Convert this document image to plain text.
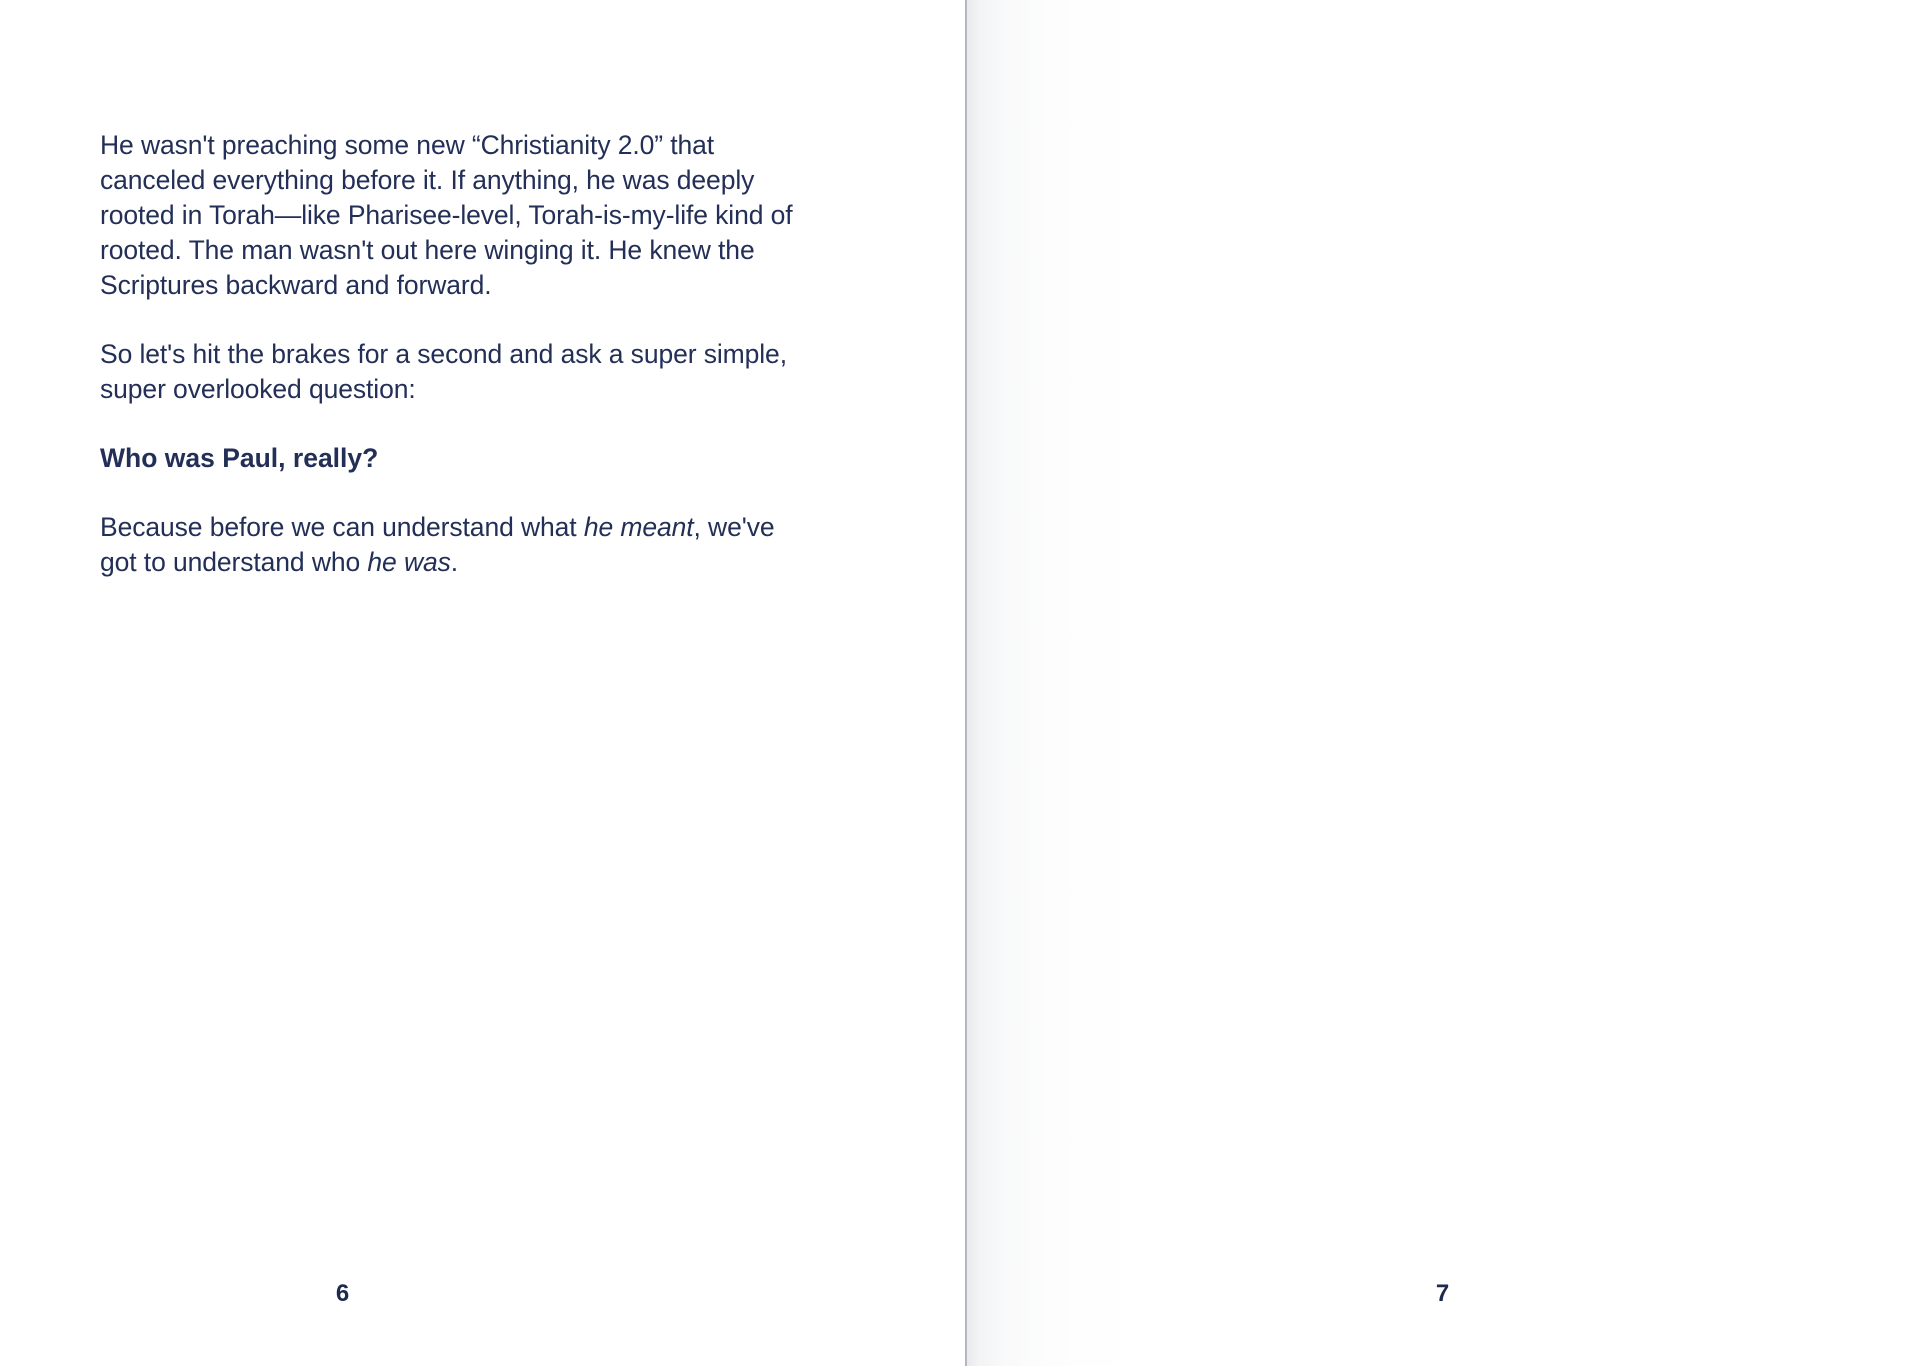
He wasn't preaching some new “Christianity 2.0” that canceled everything before it. If anything, he was deeply rooted in Torah—like Pharisee-level, Torah-is-my-life kind of rooted. The man wasn't out here winging it. He knew the Scriptures backward and forward.

So let's hit the brakes for a second and ask a super simple, super overlooked question:

Who was Paul, really?

Because before we can understand what he meant, we've got to understand who he was.

6	7
